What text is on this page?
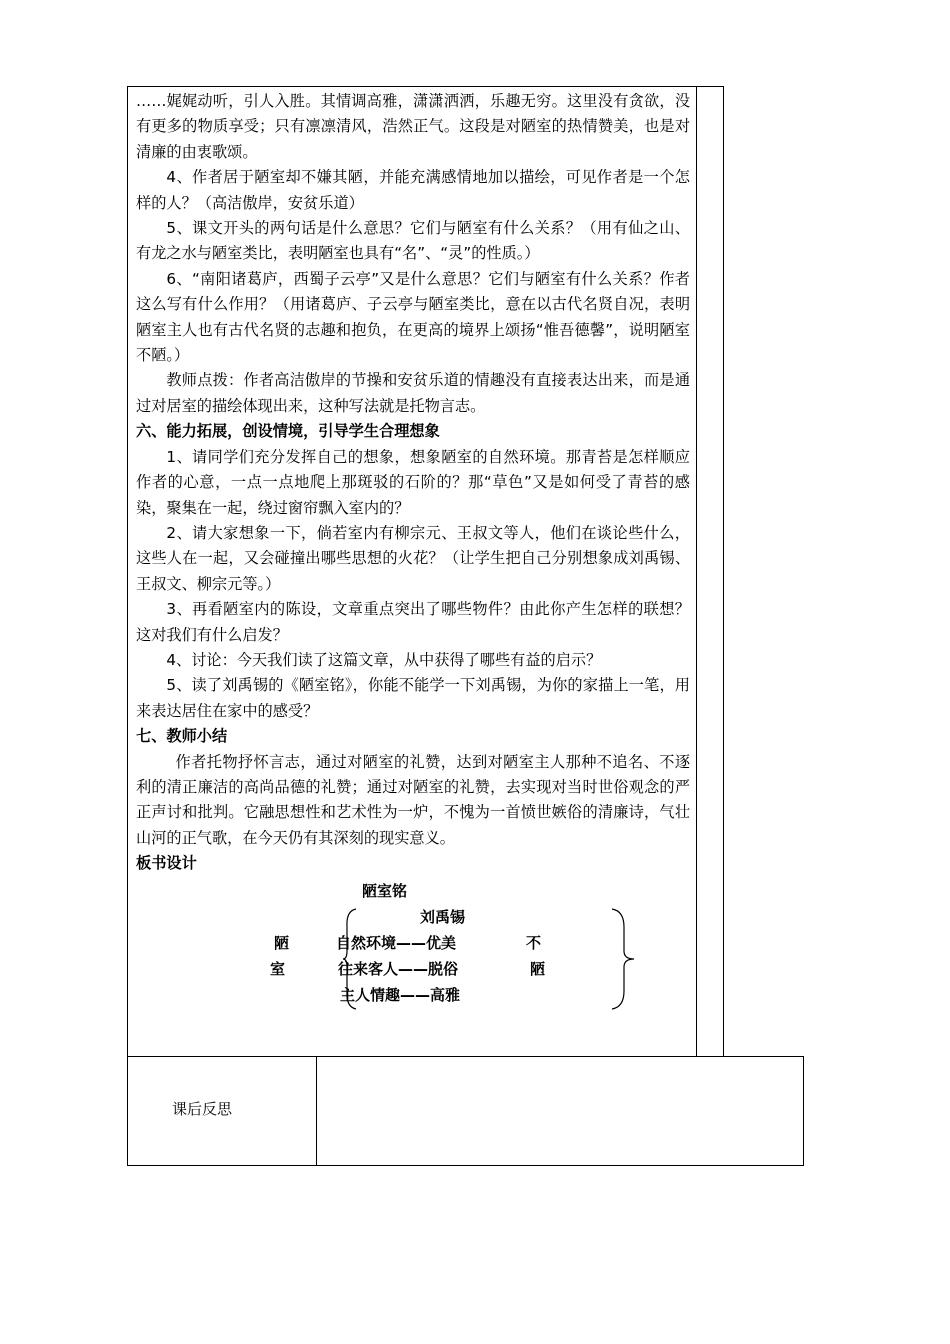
……娓娓动听，引人入胜。其情调高雅，潇潇洒洒，乐趣无穷。这里没有贪欲，没有更多的物质享受；只有凛凛清风，浩然正气。这段是对陋室的热情赞美，也是对清廉的由衷歌颂。

4、作者居于陋室却不嫌其陋，并能充满感情地加以描绘，可见作者是一个怎样的人？（高洁傲岸，安贫乐道）

5、课文开头的两句话是什么意思？它们与陋室有什么关系？（用有仙之山、有龙之水与陋室类比，表明陋室也具有“名”、“灵”的性质。）

6、“南阳诸葛庐，西蜀子云亭”又是什么意思？它们与陋室有什么关系？作者这么写有什么作用？（用诸葛庐、子云亭与陋室类比，意在以古代名贤自况，表明陋室主人也有古代名贤的志趣和抱负，在更高的境界上颂扬“惟吾德馨”，说明陋室不陋。）

教师点拨：作者高洁傲岸的节操和安贫乐道的情趣没有直接表达出来，而是通过对居室的描绘体现出来，这种写法就是托物言志。

六、能力拓展，创设情境，引导学生合理想象

1、请同学们充分发挥自己的想象，想象陋室的自然环境。那青苔是怎样顺应作者的心意，一点一点地爬上那斑驳的石阶的？那“草色”又是如何受了青苔的感染，聚集在一起，绕过窗帘飘入室内的？

2、请大家想象一下，倘若室内有柳宗元、王叔文等人，他们在谈论些什么，这些人在一起，又会碰撞出哪些思想的火花？（让学生把自己分别想象成刘禹锡、王叔文、柳宗元等。）

3、再看陋室内的陈设，文章重点突出了哪些物件？由此你产生怎样的联想？这对我们有什么启发？

4、讨论：今天我们读了这篇文章，从中获得了哪些有益的启示？

5、读了刘禹锡的《陋室铭》，你能不能学一下刘禹锡，为你的家描上一笔，用来表达居住在家中的感受？

七、教师小结

作者托物抒怀言志，通过对陋室的礼赞，达到对陋室主人那种不追名、不逐利的清正廉洁的高尚品德的礼赞；通过对陋室的礼赞，去实现对当时世俗观念的严正声讨和批判。它融思想性和艺术性为一炉，不愧为一首愤世嫉俗的清廉诗，气壮山河的正气歌，在今天仍有其深刻的现实意义。

板书设计

陋室铭
刘禹锡
陋
室
自然环境——优美
往来客人——脱俗
主人情趣——高雅
不
陋
课后反思
